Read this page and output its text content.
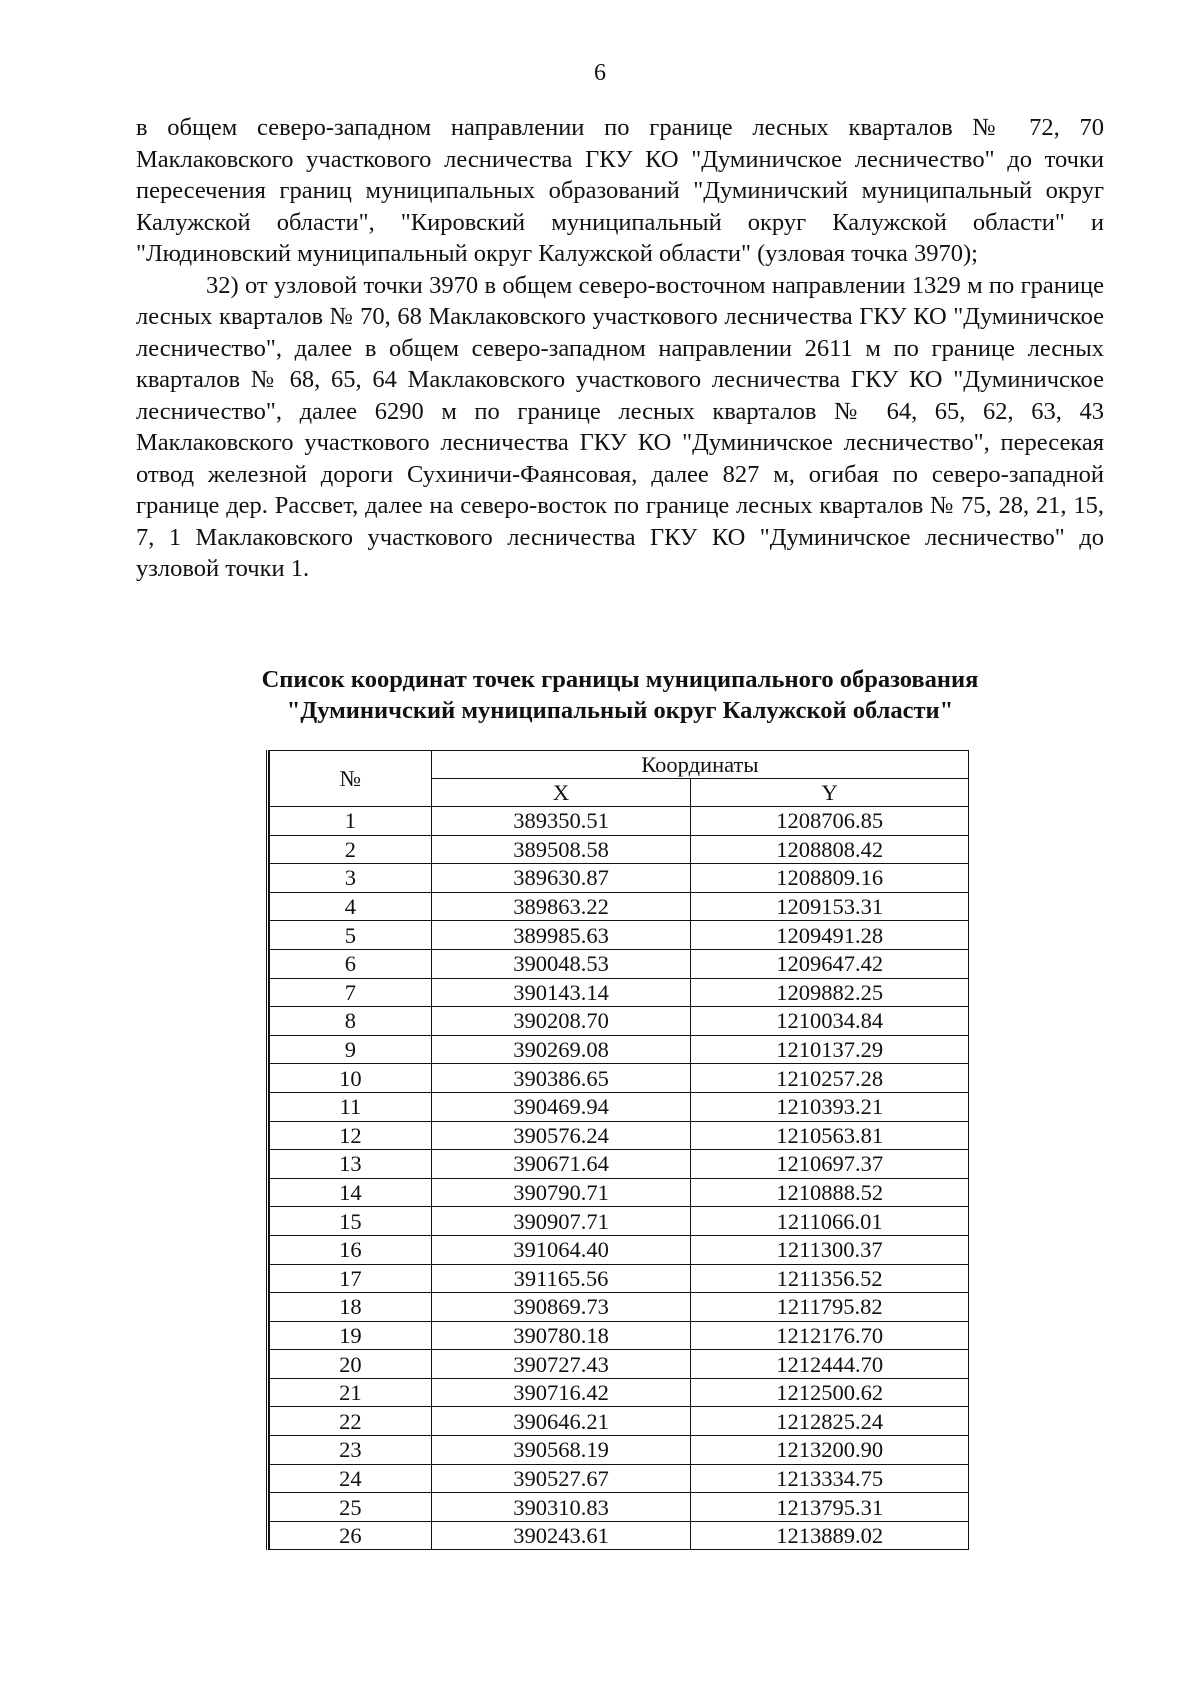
6

в общем северо-западном направлении по границе лесных кварталов № 72, 70 Маклаковского участкового лесничества ГКУ КО "Думиничское лесничество" до точки пересечения границ муниципальных образований "Думиничский муниципальный округ Калужской области", "Кировский муниципальный округ Калужской области" и "Людиновский муниципальный округ Калужской области" (узловая точка 3970);

32) от узловой точки 3970 в общем северо-восточном направлении 1329 м по границе лесных кварталов № 70, 68 Маклаковского участкового лесничества ГКУ КО "Думиничское лесничество", далее в общем северо-западном направлении 2611 м по границе лесных кварталов № 68, 65, 64 Маклаковского участкового лесничества ГКУ КО "Думиничское лесничество", далее 6290 м по границе лесных кварталов № 64, 65, 62, 63, 43 Маклаковского участкового лесничества ГКУ КО "Думиничское лесничество", пересекая отвод железной дороги Сухиничи-Фаянсовая, далее 827 м, огибая по северо-западной границе дер. Рассвет, далее на северо-восток по границе лесных кварталов № 75, 28, 21, 15, 7, 1 Маклаковского участкового лесничества ГКУ КО "Думиничское лесничество" до узловой точки 1.

Список координат точек границы муниципального образования
"Думиничский муниципальный округ Калужской области"
№	Координаты	
	X	Y
1	389350.51	1208706.85
2	389508.58	1208808.42
3	389630.87	1208809.16
4	389863.22	1209153.31
5	389985.63	1209491.28
6	390048.53	1209647.42
7	390143.14	1209882.25
8	390208.70	1210034.84
9	390269.08	1210137.29
10	390386.65	1210257.28
11	390469.94	1210393.21
12	390576.24	1210563.81
13	390671.64	1210697.37
14	390790.71	1210888.52
15	390907.71	1211066.01
16	391064.40	1211300.37
17	391165.56	1211356.52
18	390869.73	1211795.82
19	390780.18	1212176.70
20	390727.43	1212444.70
21	390716.42	1212500.62
22	390646.21	1212825.24
23	390568.19	1213200.90
24	390527.67	1213334.75
25	390310.83	1213795.31
26	390243.61	1213889.02
